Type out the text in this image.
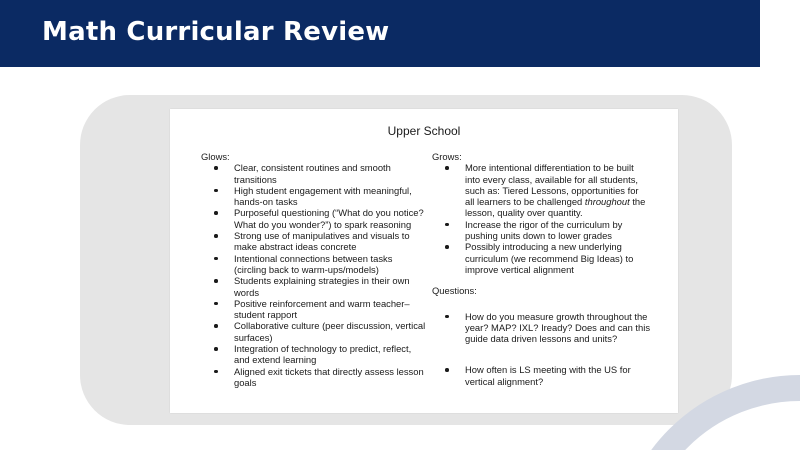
Math Curricular Review
Upper School
Glows:
Clear, consistent routines and smooth transitions
High student engagement with meaningful, hands-on tasks
Purposeful questioning (“What do you notice? What do you wonder?”) to spark reasoning
Strong use of manipulatives and visuals to make abstract ideas concrete
Intentional connections between tasks (circling back to warm-ups/models)
Students explaining strategies in their own words
Positive reinforcement and warm teacher–student rapport
Collaborative culture (peer discussion, vertical surfaces)
Integration of technology to predict, reflect, and extend learning
Aligned exit tickets that directly assess lesson goals
Grows:
More intentional differentiation to be built into every class, available for all students, such as: Tiered Lessons, opportunities for all learners to be challenged throughout the lesson, quality over quantity.
Increase the rigor of the curriculum by pushing units down to lower grades
Possibly introducing a new underlying curriculum (we recommend Big Ideas) to improve vertical alignment
Questions:
How do you measure growth throughout the year? MAP? IXL? Iready? Does and can this guide data driven lessons and units?
How often is LS meeting with the US for vertical alignment?
